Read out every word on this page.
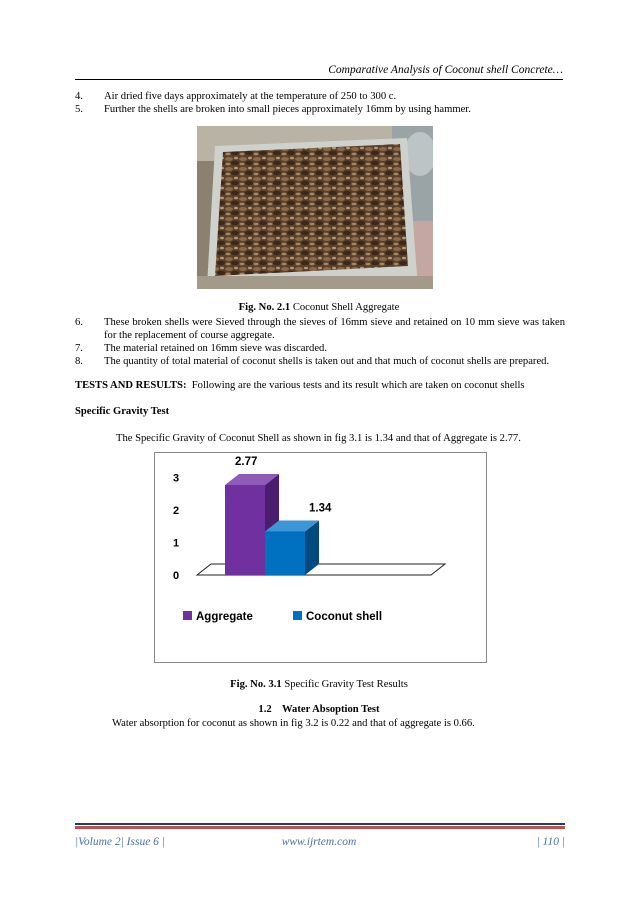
Comparative Analysis of Coconut shell Concrete…
4. Air dried five days approximately at the temperature of 250 to 300 c.
5. Further the shells are broken into small pieces approximately 16mm by using hammer.
Fig. No. 2.1 Coconut Shell Aggregate
6. These broken shells were Sieved through the sieves of 16mm sieve and retained on 10 mm sieve was taken for the replacement of course aggregate.
7. The material retained on 16mm sieve was discarded.
8. The quantity of total material of coconut shells is taken out and that much of coconut shells are prepared.
TESTS AND RESULTS: Following are the various tests and its result which are taken on coconut shells
Specific Gravity Test
The Specific Gravity of Coconut Shell as shown in fig 3.1 is 1.34 and that of Aggregate is 2.77.
0
1
2
3
2.77
1.34
Aggregate	Coconut shell
Fig. No. 3.1 Specific Gravity Test Results
1.2    Water Absoption Test
Water absorption for coconut as shown in fig 3.2 is 0.22 and that of aggregate is 0.66.
|Volume 2| Issue 6 |	www.ijrtem.com	| 110 |
